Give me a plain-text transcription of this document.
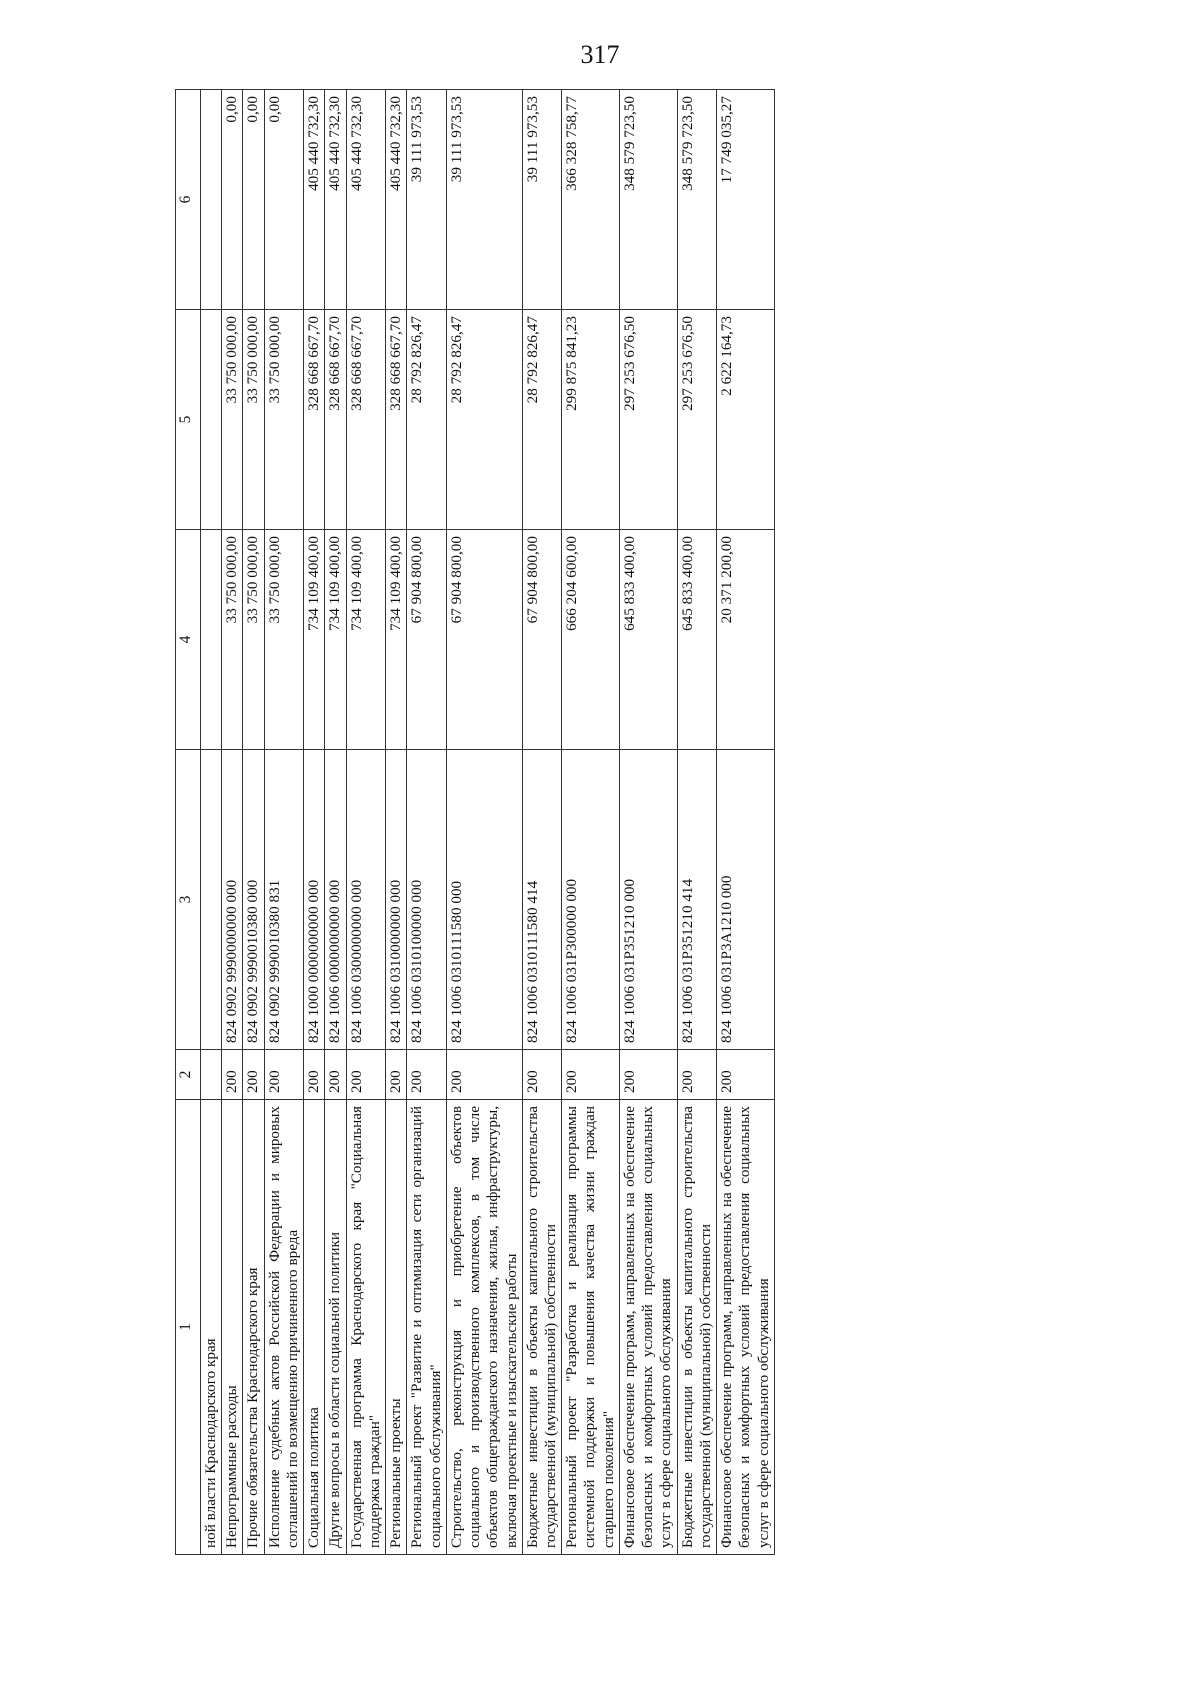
317
1	2	3	4	5	6
ной власти Краснодарского края					
Непрограммные расходы	200	824 0902 9990000000 000	33 750 000,00	33 750 000,00	0,00
Прочие обязательства Краснодарского края	200	824 0902 9990010380 000	33 750 000,00	33 750 000,00	0,00
Исполнение судебных актов Российской Федерации и мировых соглашений по возмещению причиненного вреда	200	824 0902 9990010380 831	33 750 000,00	33 750 000,00	0,00
Социальная политика	200	824 1000 0000000000 000	734 109 400,00	328 668 667,70	405 440 732,30
Другие вопросы в области социальной политики	200	824 1006 0000000000 000	734 109 400,00	328 668 667,70	405 440 732,30
Государственная программа Краснодарского края "Социальная поддержка граждан"	200	824 1006 0300000000 000	734 109 400,00	328 668 667,70	405 440 732,30
Региональные проекты	200	824 1006 0310000000 000	734 109 400,00	328 668 667,70	405 440 732,30
Региональный проект "Развитие и оптимизация сети организаций социального обслуживания"	200	824 1006 0310100000 000	67 904 800,00	28 792 826,47	39 111 973,53
Строительство, реконструкция и приобретение объектов социального и производственного комплексов, в том числе объектов общегражданского назначения, жилья, инфраструктуры, включая проектные и изыскательские работы	200	824 1006 0310111580 000	67 904 800,00	28 792 826,47	39 111 973,53
Бюджетные инвестиции в объекты капитального строительства государственной (муниципальной) собственности	200	824 1006 0310111580 414	67 904 800,00	28 792 826,47	39 111 973,53
Региональный проект "Разработка и реализация программы системной поддержки и повышения качества жизни граждан старшего поколения"	200	824 1006 031P300000 000	666 204 600,00	299 875 841,23	366 328 758,77
Финансовое обеспечение программ, направленных на обеспечение безопасных и комфортных условий предоставления социальных услуг в сфере социального обслуживания	200	824 1006 031P351210 000	645 833 400,00	297 253 676,50	348 579 723,50
Бюджетные инвестиции в объекты капитального строительства государственной (муниципальной) собственности	200	824 1006 031P351210 414	645 833 400,00	297 253 676,50	348 579 723,50
Финансовое обеспечение программ, направленных на обеспечение безопасных и комфортных условий предоставления социальных услуг в сфере социального обслуживания	200	824 1006 031P3A1210 000	20 371 200,00	2 622 164,73	17 749 035,27
